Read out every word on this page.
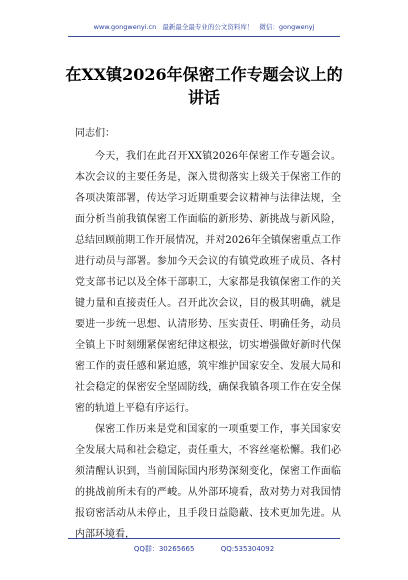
www.gongwenyi.cn 最新最全最专业的公文资料库！ 微信：gongwenyj
在XX镇2026年保密工作专题会议上的讲话

同志们：

今天，我们在此召开XX镇2026年保密工作专题会议。本次会议的主要任务是，深入贯彻落实上级关于保密工作的各项决策部署，传达学习近期重要会议精神与法律法规，全面分析当前我镇保密工作面临的新形势、新挑战与新风险，总结回顾前期工作开展情况，并对2026年全镇保密重点工作进行动员与部署。参加今天会议的有镇党政班子成员、各村党支部书记以及全体干部职工，大家都是我镇保密工作的关键力量和直接责任人。召开此次会议，目的极其明确，就是要进一步统一思想、认清形势、压实责任、明确任务，动员全镇上下时刻绷紧保密纪律这根弦，切实增强做好新时代保密工作的责任感和紧迫感，筑牢维护国家安全、发展大局和社会稳定的保密安全坚固防线，确保我镇各项工作在安全保密的轨道上平稳有序运行。

保密工作历来是党和国家的一项重要工作，事关国家安全发展大局和社会稳定，责任重大，不容丝毫松懈。我们必须清醒认识到，当前国际国内形势深刻变化，保密工作面临的挑战前所未有的严峻。从外部环境看，敌对势力对我国情报窃密活动从未停止，且手段日益隐蔽、技术更加先进。从内部环境看，

QQ群：30265665	QQ:535304092
